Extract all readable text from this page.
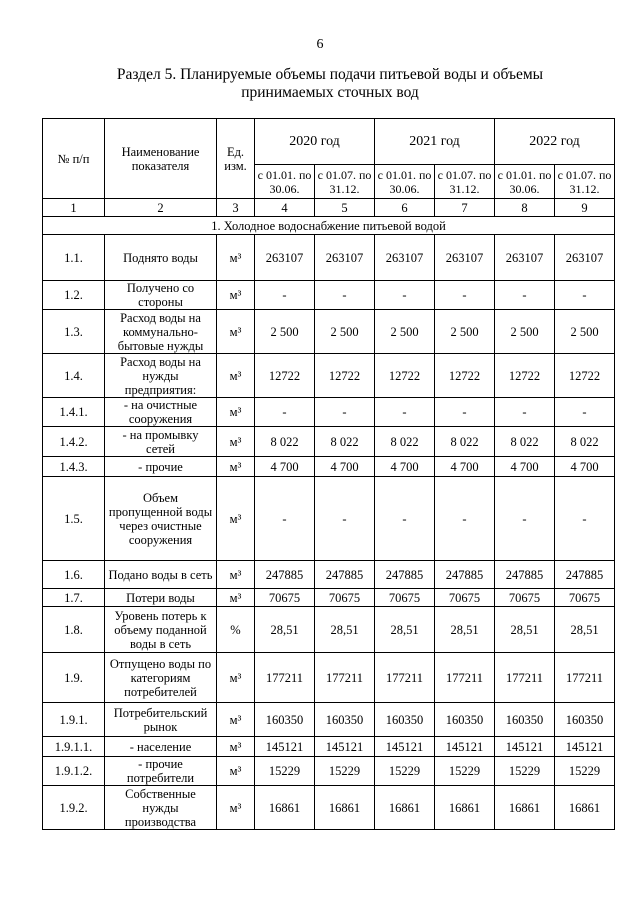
6
Раздел 5. Планируемые объемы подачи питьевой воды и объемы
принимаемых сточных вод
№ п/п	Наименование показателя	Ед. изм.	2020 год		2021 год		2022 год	
			с 01.01. по 30.06.	с 01.07. по 31.12.	с 01.01. по 30.06.	с 01.07. по 31.12.	с 01.01. по 30.06.	с 01.07. по 31.12.
1	2	3	4	5	6	7	8	9
1. Холодное водоснабжение питьевой водой								
1.1.	Поднято воды	м³	263107	263107	263107	263107	263107	263107
1.2.	Получено со стороны	м³	-	-	-	-	-	-
1.3.	Расход воды на коммунально-бытовые нужды	м³	2 500	2 500	2 500	2 500	2 500	2 500
1.4.	Расход воды на нужды предприятия:	м³	12722	12722	12722	12722	12722	12722
1.4.1.	- на очистные сооружения	м³	-	-	-	-	-	-
1.4.2.	- на промывку сетей	м³	8 022	8 022	8 022	8 022	8 022	8 022
1.4.3.	- прочие	м³	4 700	4 700	4 700	4 700	4 700	4 700
1.5.	Объем пропущенной воды через очистные сооружения	м³	-	-	-	-	-	-
1.6.	Подано воды в сеть	м³	247885	247885	247885	247885	247885	247885
1.7.	Потери воды	м³	70675	70675	70675	70675	70675	70675
1.8.	Уровень потерь к объему поданной воды в сеть	%	28,51	28,51	28,51	28,51	28,51	28,51
1.9.	Отпущено воды по категориям потребителей	м³	177211	177211	177211	177211	177211	177211
1.9.1.	Потребительский рынок	м³	160350	160350	160350	160350	160350	160350
1.9.1.1.	- население	м³	145121	145121	145121	145121	145121	145121
1.9.1.2.	- прочие потребители	м³	15229	15229	15229	15229	15229	15229
1.9.2.	Собственные нужды производства	м³	16861	16861	16861	16861	16861	16861
